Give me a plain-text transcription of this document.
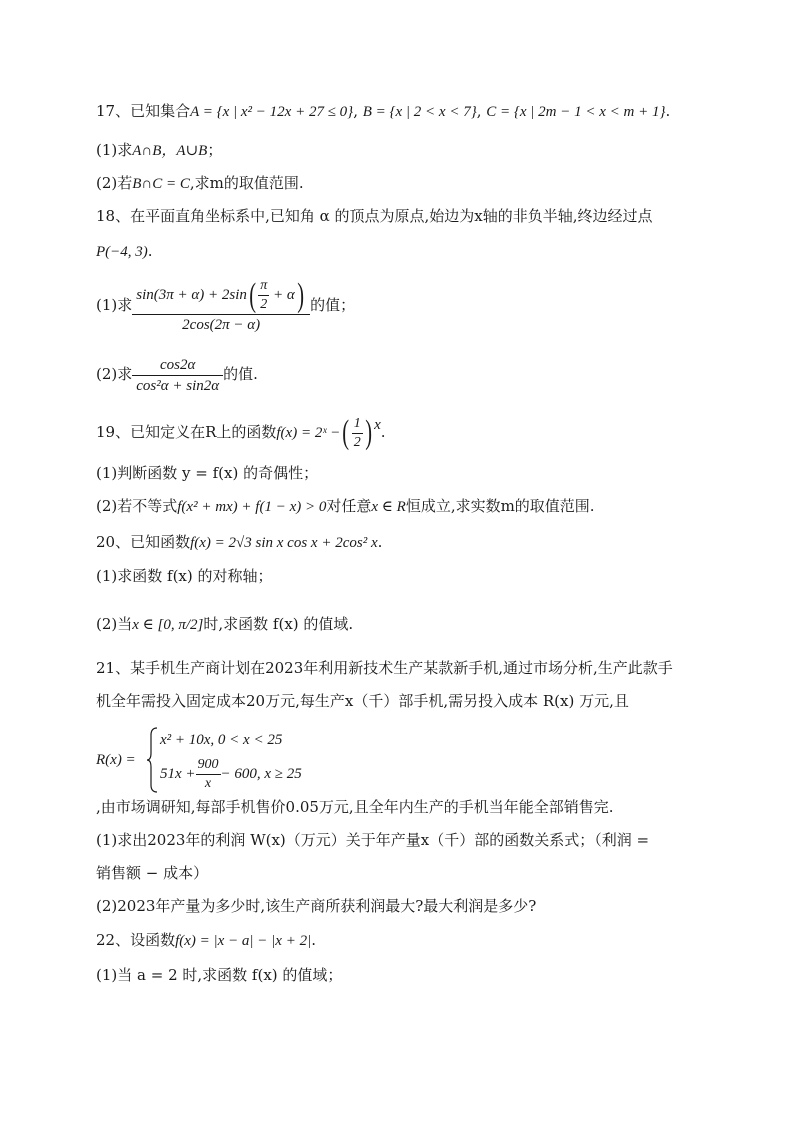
17、已知集合A = {x | x² − 12x + 27 ≤ 0}, B = {x | 2 < x < 7}, C = {x | 2m − 1 < x < m + 1}.
(1)求A∩B，A∪B；
(2)若B∩C = C,求m的取值范围.
18、在平面直角坐标系中,已知角 α 的顶点为原点,始边为x轴的非负半轴,终边经过点
P(−4, 3).
(1)求 $\frac{\sin(3\pi + \alpha) + 2\sin( \frac{\pi}{2} + \alpha)}{2\cos(2\pi - \alpha)}$ 的值；
(2)求 $\frac{\cos 2\alpha}{\text{cos²α + sin2α}}$ 的值.
19、已知定义在R上的函数f(x) = 2ˣ −( $\frac{1}{2}$ ) $^x$.
(1)判断函数 y = f(x) 的奇偶性；
(2)若不等式f(x² + mx) + f(1 − x) > 0对任意x ∈ R恒成立,求实数m的取值范围.
20、已知函数f(x) = 2√3 sin x cos x + 2cos² x.
(1)求函数 f(x) 的对称轴；
(2)当x ∈ [0, π/2]时,求函数 f(x) 的值域.
21、某手机生产商计划在2023年利用新技术生产某款新手机,通过市场分析,生产此款手
机全年需投入固定成本20万元,每生产x（千）部手机,需另投入成本 R(x) 万元,且
R(x) =
x² + 10x, 0 < x < 25
$51x + \frac{900}{x} - 600$, x ≥ 25
,由市场调研知,每部手机售价0.05万元,且全年内生产的手机当年能全部销售完.
(1)求出2023年的利润 W(x)（万元）关于年产量x（千）部的函数关系式；（利润 =
销售额 − 成本）
(2)2023年产量为多少时,该生产商所获利润最大?最大利润是多少?
22、设函数f(x) = |x − a| − |x + 2|.
(1)当 a = 2 时,求函数 f(x) 的值域；
